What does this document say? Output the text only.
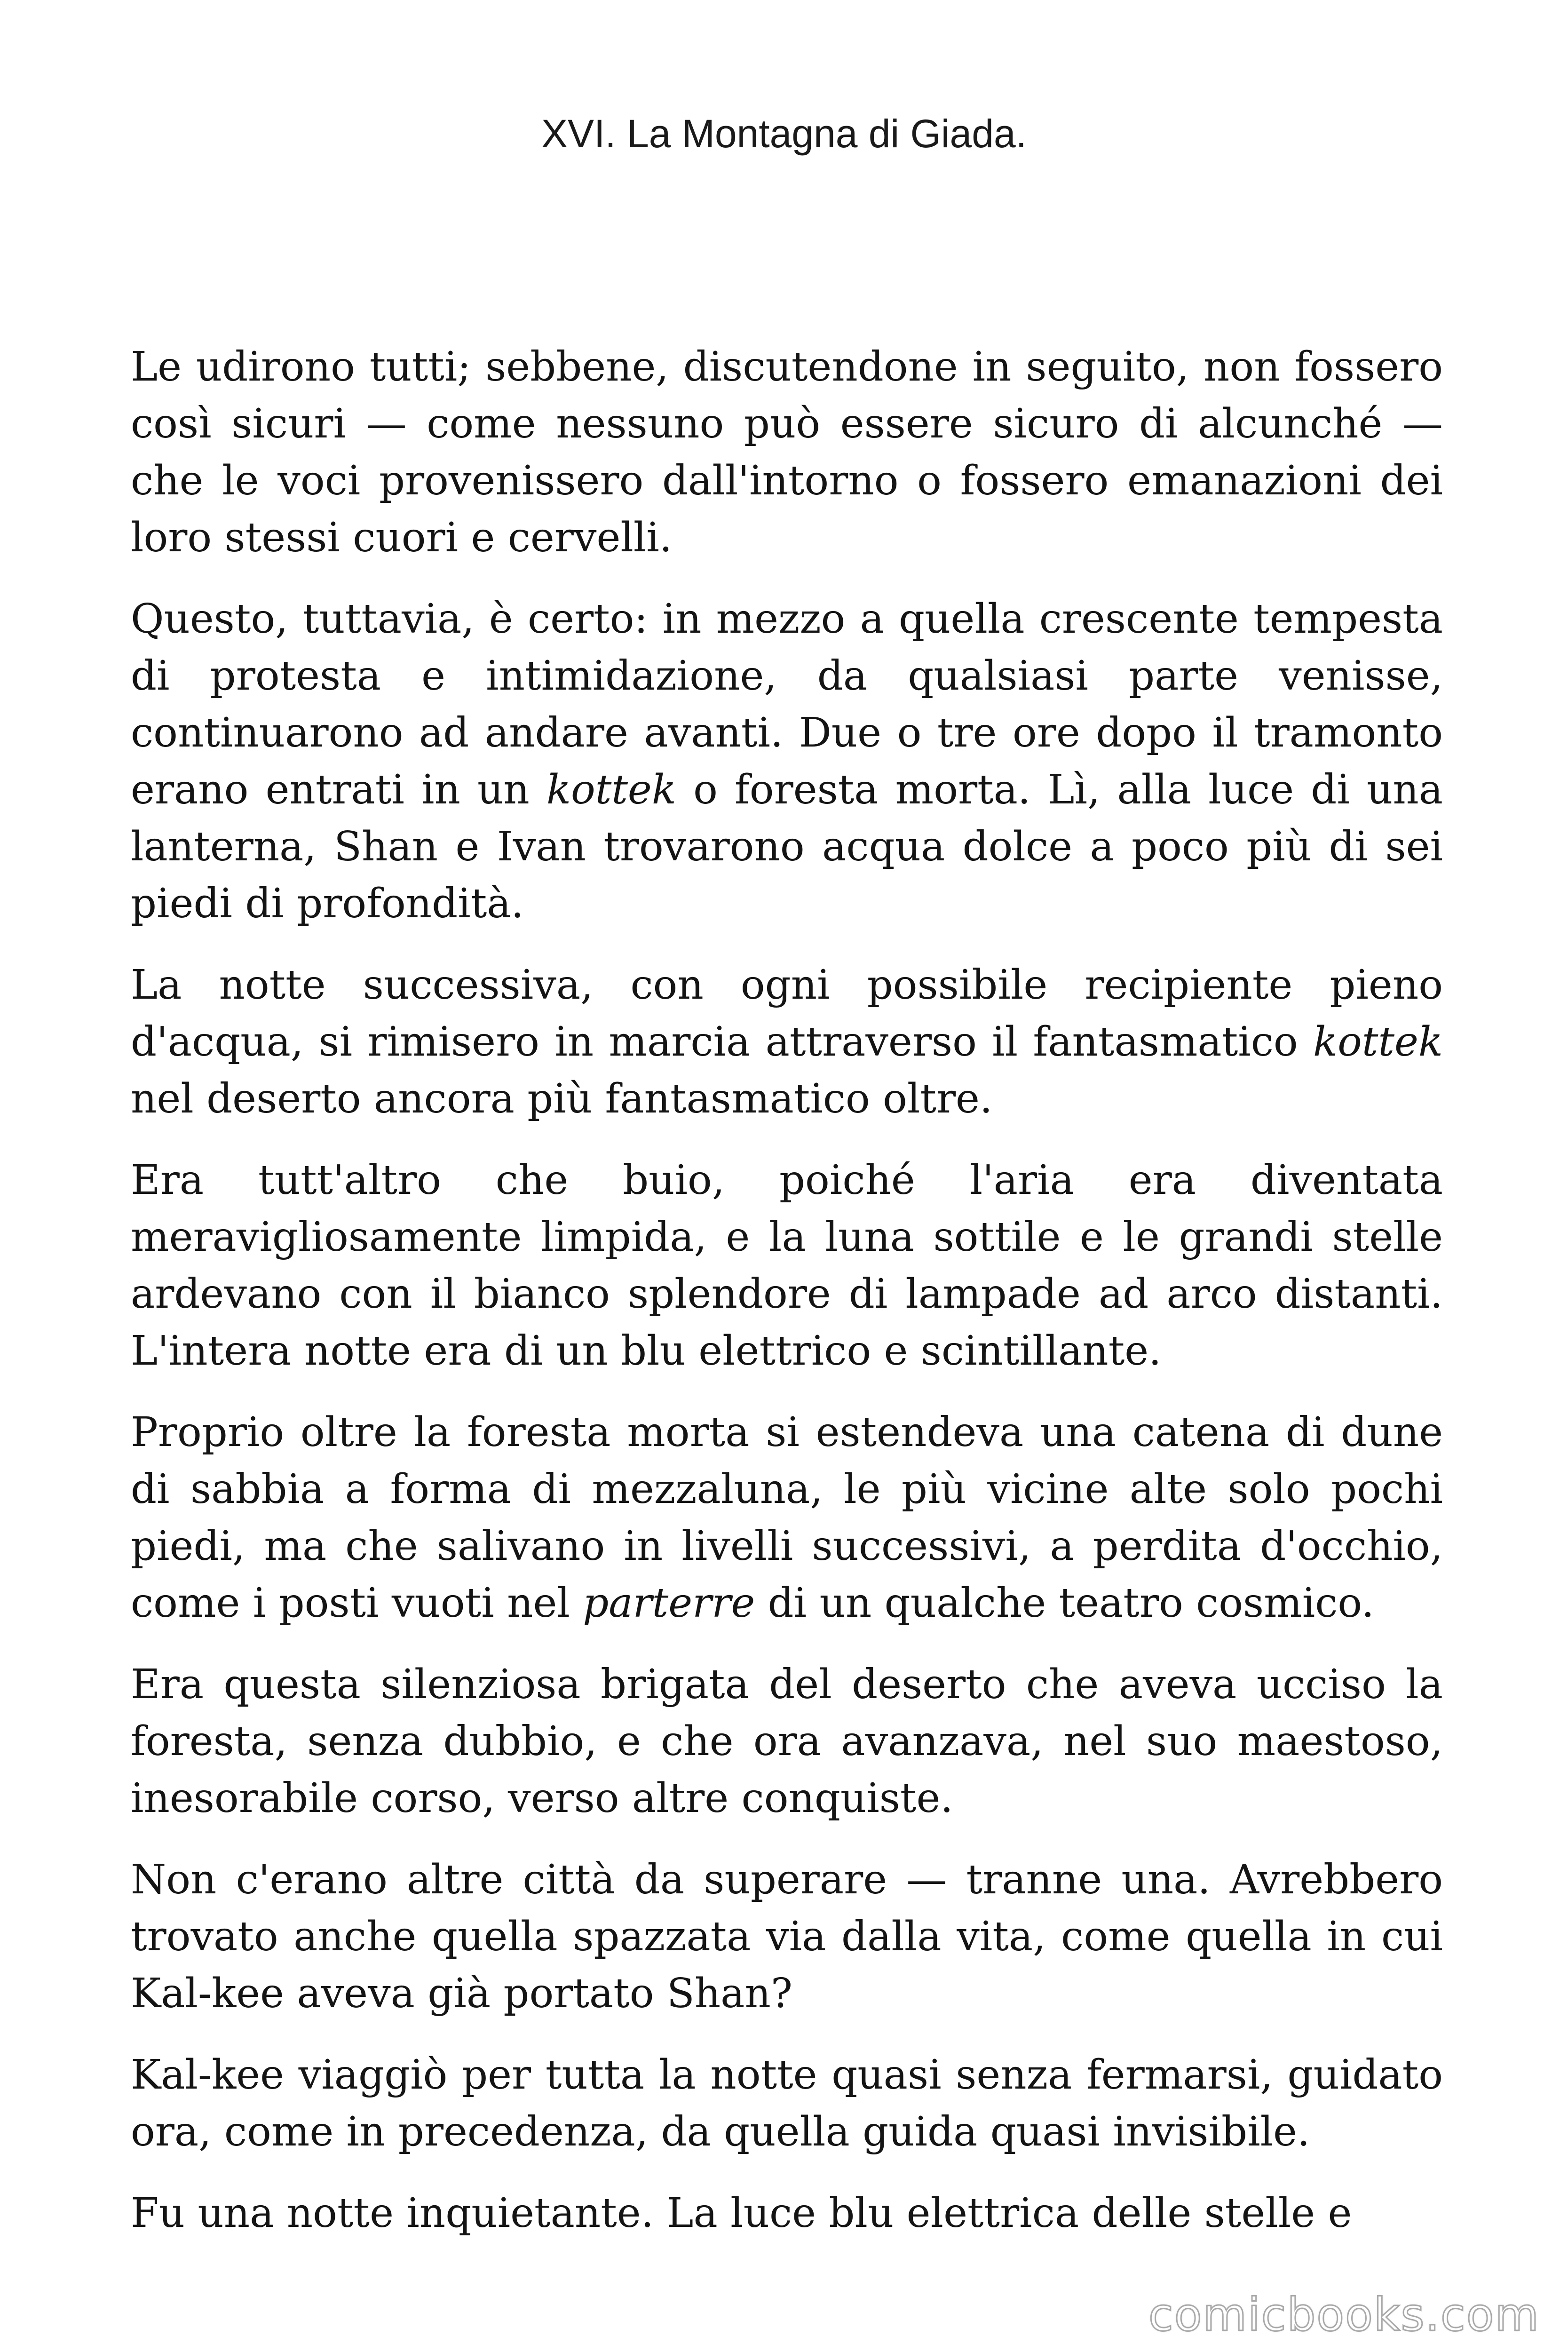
XVI. La Montagna di Giada.

Le udirono tutti; sebbene, discutendone in seguito, non fossero così sicuri — come nessuno può essere sicuro di alcunché — che le voci provenissero dall'intorno o fossero emanazioni dei loro stessi cuori e cervelli.

Questo, tuttavia, è certo: in mezzo a quella crescente tempesta di protesta e intimidazione, da qualsiasi parte venisse, continuarono ad andare avanti. Due o tre ore dopo il tramonto erano entrati in un kottek o foresta morta. Lì, alla luce di una lanterna, Shan e Ivan trovarono acqua dolce a poco più di sei piedi di profondità.

La notte successiva, con ogni possibile recipiente pieno d'acqua, si rimisero in marcia attraverso il fantasmatico kottek nel deserto ancora più fantasmatico oltre.

Era tutt'altro che buio, poiché l'aria era diventata meravigliosamente limpida, e la luna sottile e le grandi stelle ardevano con il bianco splendore di lampade ad arco distanti. L'intera notte era di un blu elettrico e scintillante.

Proprio oltre la foresta morta si estendeva una catena di dune di sabbia a forma di mezzaluna, le più vicine alte solo pochi piedi, ma che salivano in livelli successivi, a perdita d'occhio, come i posti vuoti nel parterre di un qualche teatro cosmico.

Era questa silenziosa brigata del deserto che aveva ucciso la foresta, senza dubbio, e che ora avanzava, nel suo maestoso, inesorabile corso, verso altre conquiste.

Non c'erano altre città da superare — tranne una. Avrebbero trovato anche quella spazzata via dalla vita, come quella in cui Kal-kee aveva già portato Shan?

Kal-kee viaggiò per tutta la notte quasi senza fermarsi, guidato ora, come in precedenza, da quella guida quasi invisibile.

Fu una notte inquietante. La luce blu elettrica delle stelle e

comicbooks.com
